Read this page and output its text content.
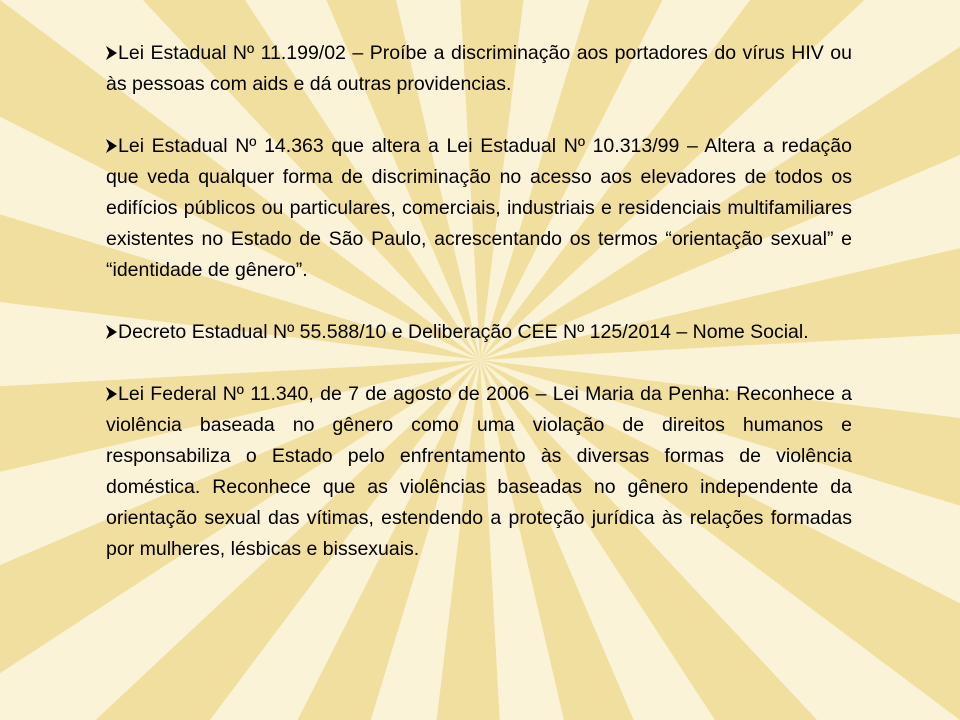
Lei Estadual Nº 11.199/02 – Proíbe a discriminação aos portadores do vírus HIV ou às pessoas com aids e dá outras providencias.

Lei Estadual Nº 14.363 que altera a Lei Estadual Nº 10.313/99 – Altera a redação que veda qualquer forma de discriminação no acesso aos elevadores de todos os edifícios públicos ou particulares, comerciais, industriais e residenciais multifamiliares existentes no Estado de São Paulo, acrescentando os termos “orientação sexual” e “identidade de gênero”.

Decreto Estadual Nº 55.588/10 e Deliberação CEE Nº 125/2014 – Nome Social.

Lei Federal Nº 11.340, de 7 de agosto de 2006 – Lei Maria da Penha: Reconhece a violência baseada no gênero como uma violação de direitos humanos e responsabiliza o Estado pelo enfrentamento às diversas formas de violência doméstica. Reconhece que as violências baseadas no gênero independente da orientação sexual das vítimas, estendendo a proteção jurídica às relações formadas por mulheres, lésbicas e bissexuais.
